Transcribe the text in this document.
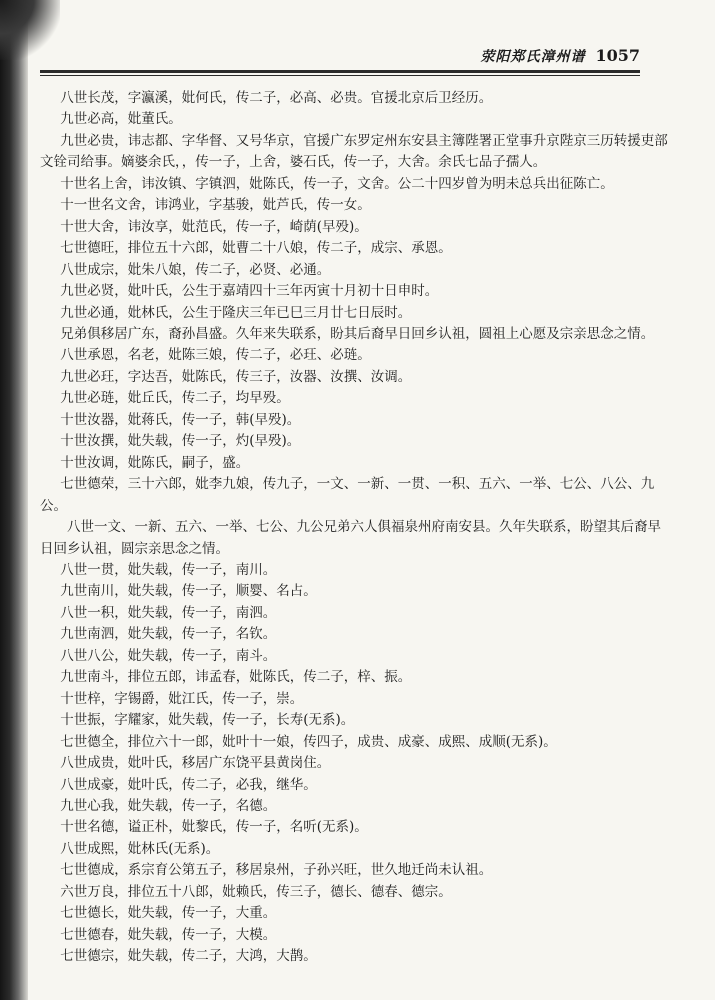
荥阳郑氏漳州谱 1057
八世长茂，字瀛溪，妣何氏，传二子，必高、必贵。官援北京后卫经历。
九世必高，妣董氏。
九世必贵，讳志都、字华督、又号华京，官援广东罗定州东安县主簿陛署正堂事升京陛京三历转援吏部文铨司给事。嫡婆余氏，，传一子，上舍，婆石氏，传一子，大舍。余氏七品子孺人。
十世名上舍，讳汝镇、字镇泗，妣陈氏，传一子，文舍。公二十四岁曾为明未总兵出征陈亡。
十一世名文舍，讳鸿业，字基骏，妣芦氏，传一女。
十世大舍，讳汝享，妣范氏，传一子，崎荫(早殁)。
七世德旺，排位五十六郎，妣曹二十八娘，传二子，成宗、承恩。
八世成宗，妣朱八娘，传二子，必贤、必通。
九世必贤，妣叶氏，公生于嘉靖四十三年丙寅十月初十日申时。
九世必通，妣林氏，公生于隆庆三年已巳三月廿七日辰时。
兄弟俱移居广东，裔孙昌盛。久年来失联系，盼其后裔早日回乡认祖，圆祖上心愿及宗亲思念之情。
八世承恩，名老，妣陈三娘，传二子，必玨、必琏。
九世必玨，字达吾，妣陈氏，传三子，汝器、汝撰、汝调。
九世必琏，妣丘氏，传二子，均早殁。
十世汝器，妣蒋氏，传一子，韩(早殁)。
十世汝撰，妣失载，传一子，灼(早殁)。
十世汝调，妣陈氏，嗣子，盛。
七世德荣，三十六郎，妣李九娘，传九子，一文、一新、一贯、一积、五六、一举、七公、八公、九公。
八世一文、一新、五六、一举、七公、九公兄弟六人俱福泉州府南安县。久年失联系，盼望其后裔早日回乡认祖，圆宗亲思念之情。
八世一贯，妣失载，传一子，南川。
九世南川，妣失载，传一子，顺婴、名占。
八世一积，妣失载，传一子，南泗。
九世南泗，妣失载，传一子，名钦。
八世八公，妣失载，传一子，南斗。
九世南斗，排位五郎，讳孟春，妣陈氏，传二子，梓、振。
十世梓，字锡爵，妣江氏，传一子，崇。
十世振，字耀家，妣失载，传一子，长寿(无系)。
七世德全，排位六十一郎，妣叶十一娘，传四子，成贵、成豪、成熙、成顺(无系)。
八世成贵，妣叶氏，移居广东饶平县黄岗住。
八世成豪，妣叶氏，传二子，必我，继华。
九世心我，妣失载，传一子，名德。
十世名德，谥正朴，妣黎氏，传一子，名听(无系)。
八世成熙，妣林氏(无系)。
七世德成，系宗育公第五子，移居泉州，子孙兴旺，世久地迁尚未认祖。
六世万良，排位五十八郎，妣赖氏，传三子，德长、德春、德宗。
七世德长，妣失载，传一子，大重。
七世德春，妣失载，传一子，大模。
七世德宗，妣失载，传二子，大鸿，大鹊。
